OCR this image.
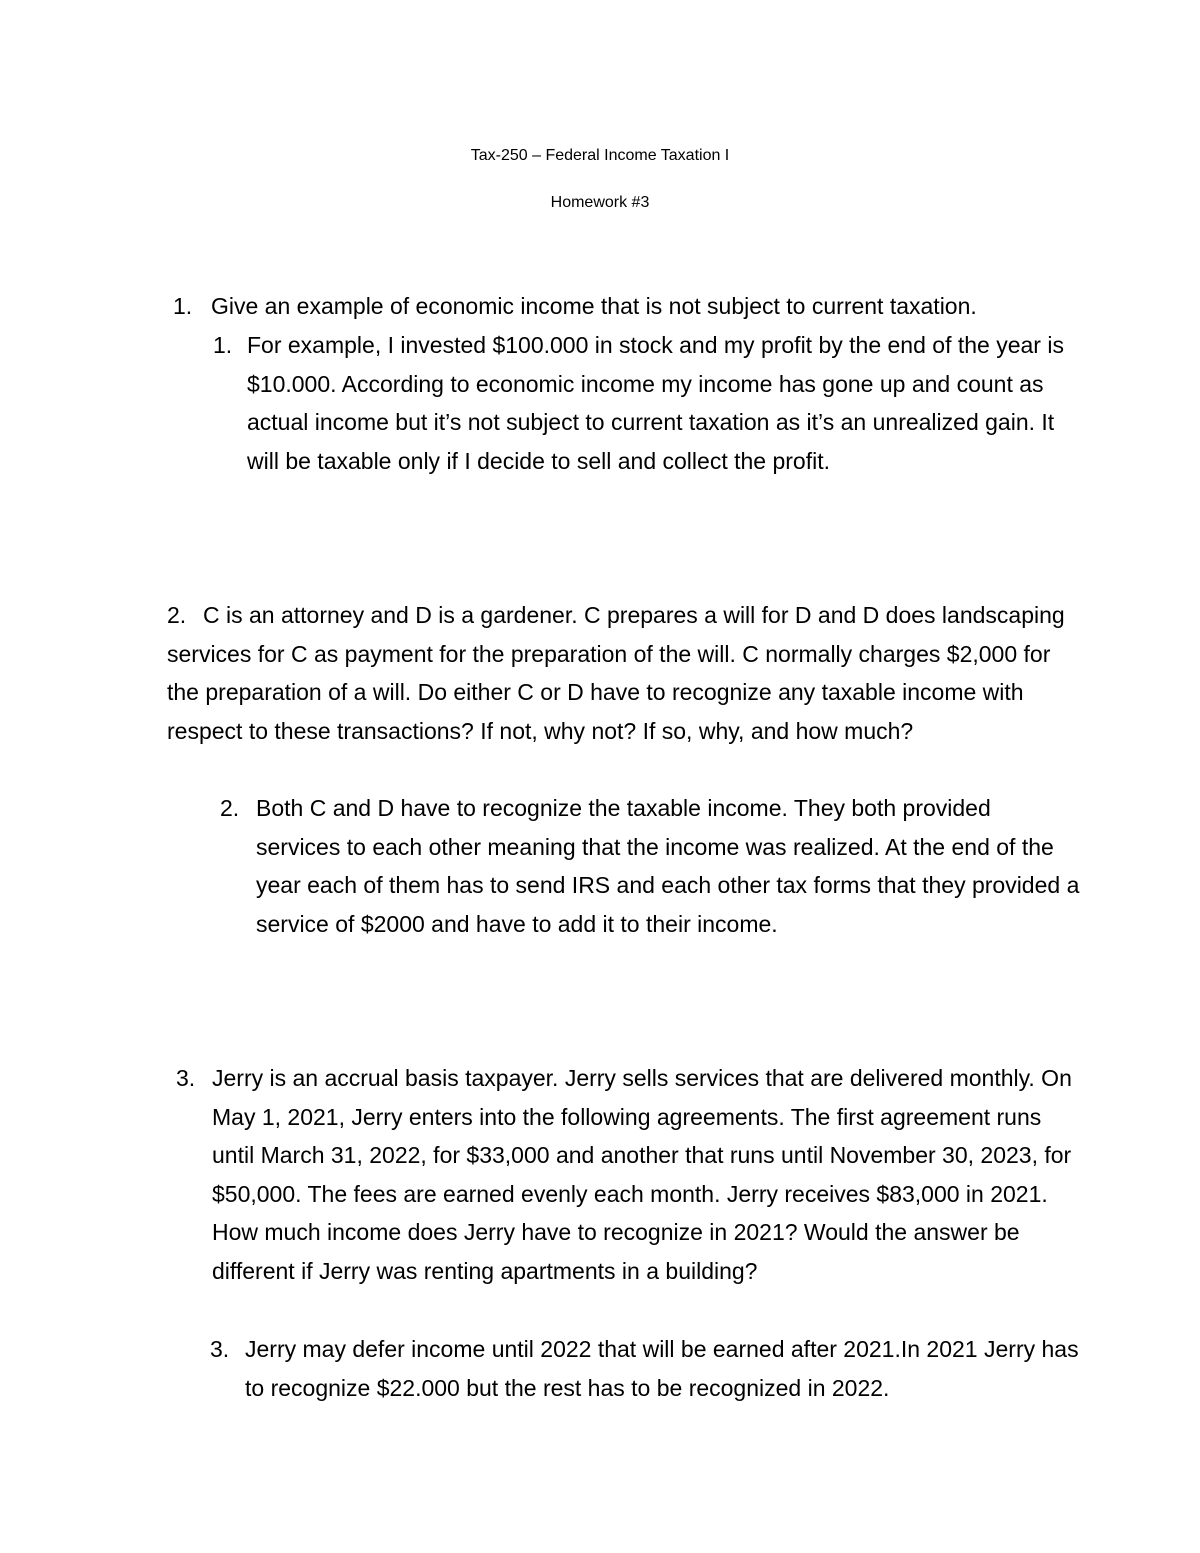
Tax-250 – Federal Income Taxation I

Homework #3

1. Give an example of economic income that is not subject to current taxation.
1. For example, I invested $100.000 in stock and my profit by the end of the year is $10.000. According to economic income my income has gone up and count as actual income but it’s not subject to current taxation as it’s an unrealized gain. It will be taxable only if I decide to sell and collect the profit.
2. C is an attorney and D is a gardener. C prepares a will for D and D does landscaping services for C as payment for the preparation of the will. C normally charges $2,000 for the preparation of a will. Do either C or D have to recognize any taxable income with respect to these transactions? If not, why not? If so, why, and how much?
2. Both C and D have to recognize the taxable income. They both provided services to each other meaning that the income was realized. At the end of the year each of them has to send IRS and each other tax forms that they provided a service of $2000 and have to add it to their income.
3. Jerry is an accrual basis taxpayer. Jerry sells services that are delivered monthly. On May 1, 2021, Jerry enters into the following agreements. The first agreement runs until March 31, 2022, for $33,000 and another that runs until November 30, 2023, for $50,000. The fees are earned evenly each month. Jerry receives $83,000 in 2021. How much income does Jerry have to recognize in 2021? Would the answer be different if Jerry was renting apartments in a building?
3. Jerry may defer income until 2022 that will be earned after 2021.In 2021 Jerry has to recognize $22.000 but the rest has to be recognized in 2022.
